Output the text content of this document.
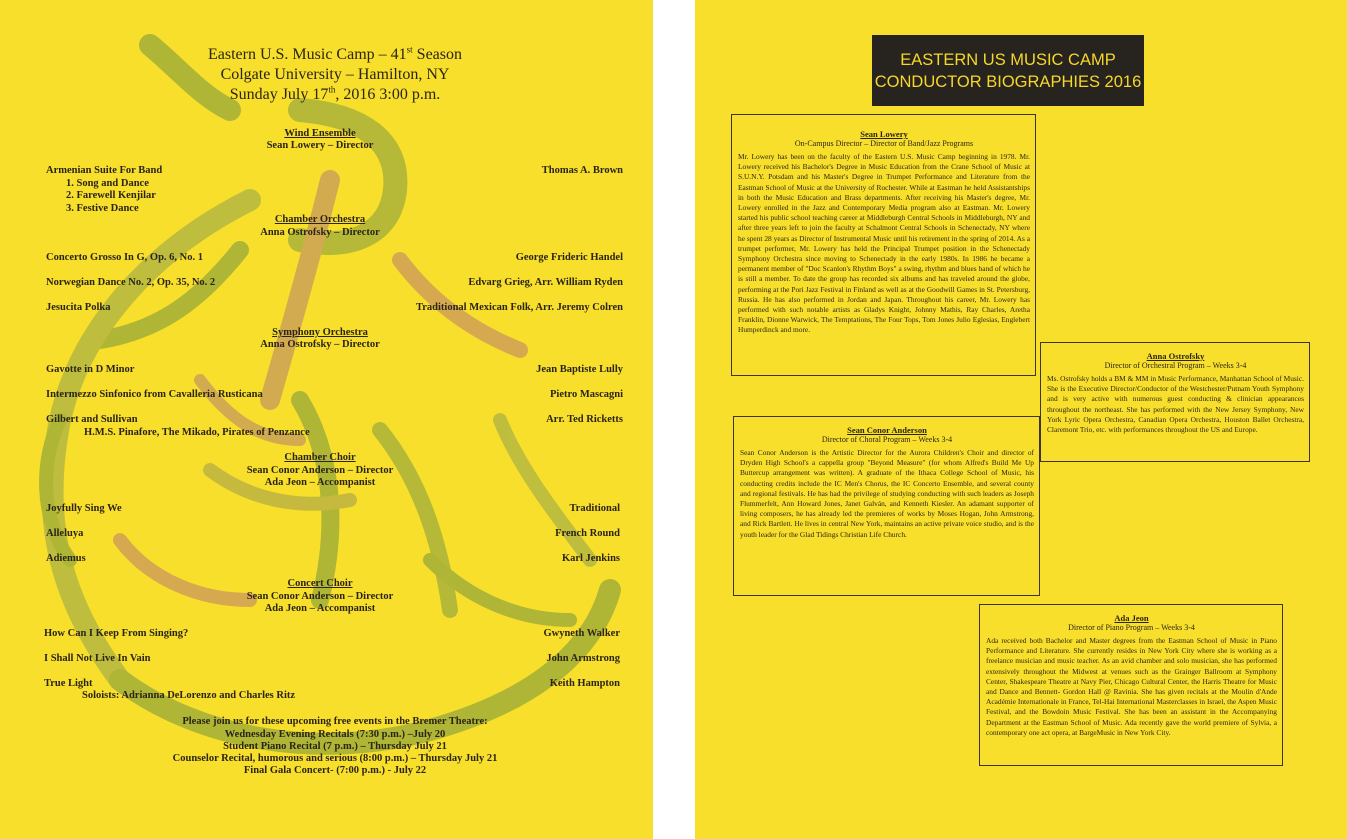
Eastern U.S. Music Camp – 41st Season
Colgate University – Hamilton, NY
Sunday July 17th, 2016 3:00 p.m.
Wind Ensemble
Sean Lowery – Director
Armenian Suite For Band	Thomas A. Brown
1. Song and Dance
2. Farewell Kenjilar
3. Festive Dance
Chamber Orchestra
Anna Ostrofsky – Director
Concerto Grosso In G, Op. 6, No. 1	George Frideric Handel
Norwegian Dance No. 2, Op. 35, No. 2	Edvarg Grieg, Arr. William Ryden
Jesucita Polka	Traditional Mexican Folk, Arr. Jeremy Colren
Symphony Orchestra
Anna Ostrofsky – Director
Gavotte in D Minor	Jean Baptiste Lully
Intermezzo Sinfonico from Cavalleria Rusticana	Pietro Mascagni
Gilbert and Sullivan	Arr. Ted Ricketts
H.M.S. Pinafore, The Mikado, Pirates of Penzance
Chamber Choir
Sean Conor Anderson – Director
Ada Jeon – Accompanist
Joyfully Sing We	Traditional
Alleluya	French Round
Adiemus	Karl Jenkins
Concert Choir
Sean Conor Anderson – Director
Ada Jeon – Accompanist
How Can I Keep From Singing?	Gwyneth Walker
I Shall Not Live In Vain	John Armstrong
True Light	Keith Hampton
Soloists: Adrianna DeLorenzo and Charles Ritz
Please join us for these upcoming free events in the Bremer Theatre:
Wednesday Evening Recitals (7:30 p.m.) –July 20
Student Piano Recital (7 p.m.) – Thursday July 21
Counselor Recital, humorous and serious (8:00 p.m.) – Thursday July 21
Final Gala Concert- (7:00 p.m.) - July 22
EASTERN US MUSIC CAMP
CONDUCTOR BIOGRAPHIES 2016
Sean Lowery
On-Campus Director – Director of Band/Jazz Programs
Mr. Lowery has been on the faculty of the Eastern U.S. Music Camp beginning in 1978. Mr. Lowery received his Bachelor's Degree in Music Education from the Crane School of Music at S.U.N.Y. Potsdam and his Master's Degree in Trumpet Performance and Literature from the Eastman School of Music at the University of Rochester. While at Eastman he held Assistantships in both the Music Education and Brass departments. After receiving his Master's degree, Mr. Lowery enrolled in the Jazz and Contemporary Media program also at Eastman. Mr. Lowery started his public school teaching career at Middleburgh Central Schools in Middleburgh, NY and after three years left to join the faculty at Schalmont Central Schools in Schenectady, NY where he spent 28 years as Director of Instrumental Music until his retirement in the spring of 2014. As a trumpet performer, Mr. Lowery has held the Principal Trumpet position in the Schenectady Symphony Orchestra since moving to Schenectady in the early 1980s. In 1986 he became a permanent member of "Doc Scanlon's Rhythm Boys" a swing, rhythm and blues band of which he is still a member. To date the group has recorded six albums and has traveled around the globe, performing at the Pori Jazz Festival in Finland as well as at the Goodwill Games in St. Petersburg, Russia. He has also performed in Jordan and Japan. Throughout his career, Mr. Lowery has performed with such notable artists as Gladys Knight, Johnny Mathis, Ray Charles, Aretha Franklin, Dionne Warwick, The Temptations, The Four Tops, Tom Jones Julio Eglesias, Englebert Humperdinck and more.
Anna Ostrofsky
Director of Orchestral Program – Weeks 3-4
Ms. Ostrofsky holds a BM & MM in Music Performance, Manhattan School of Music. She is the Executive Director/Conductor of the Westchester/Putnam Youth Symphony and is very active with numerous guest conducting & clinician appearances throughout the northeast. She has performed with the New Jersey Symphony, New York Lyric Opera Orchestra, Canadian Opera Orchestra, Houston Ballet Orchestra, Claremont Trio, etc. with performances throughout the US and Europe.
Sean Conor Anderson
Director of Choral Program – Weeks 3-4
Sean Conor Anderson is the Artistic Director for the Aurora Children's Choir and director of Dryden High School's a cappella group "Beyond Measure" (for whom Alfred's Build Me Up Buttercup arrangement was written). A graduate of the Ithaca College School of Music, his conducting credits include the IC Men's Chorus, the IC Concerto Ensemble, and several county and regional festivals. He has had the privilege of studying conducting with such leaders as Joseph Flummerfelt, Ann Howard Jones, Janet Galván, and Kenneth Kiesler. An adamant supporter of living composers, he has already led the premieres of works by Moses Hogan, John Armstrong, and Rick Bartlett. He lives in central New York, maintains an active private voice studio, and is the youth leader for the Glad Tidings Christian Life Church.
Ada Jeon
Director of Piano Program – Weeks 3-4
Ada received both Bachelor and Master degrees from the Eastman School of Music in Piano Performance and Literature. She currently resides in New York City where she is working as a freelance musician and music teacher. As an avid chamber and solo musician, she has performed extensively throughout the Midwest at venues such as the Grainger Ballroom at Symphony Center, Shakespeare Theatre at Navy Pier, Chicago Cultural Center, the Harris Theatre for Music and Dance and Bennett- Gordon Hall @ Ravinia. She has given recitals at the Moulin d'Ande Académie Internationale in France, Tel-Hai International Masterclasses in Israel, the Aspen Music Festival, and the Bowdoin Music Festival. She has been an assistant in the Accompanying Department at the Eastman School of Music. Ada recently gave the world premiere of Sylvia, a contemporary one act opera, at BargeMusic in New York City.
